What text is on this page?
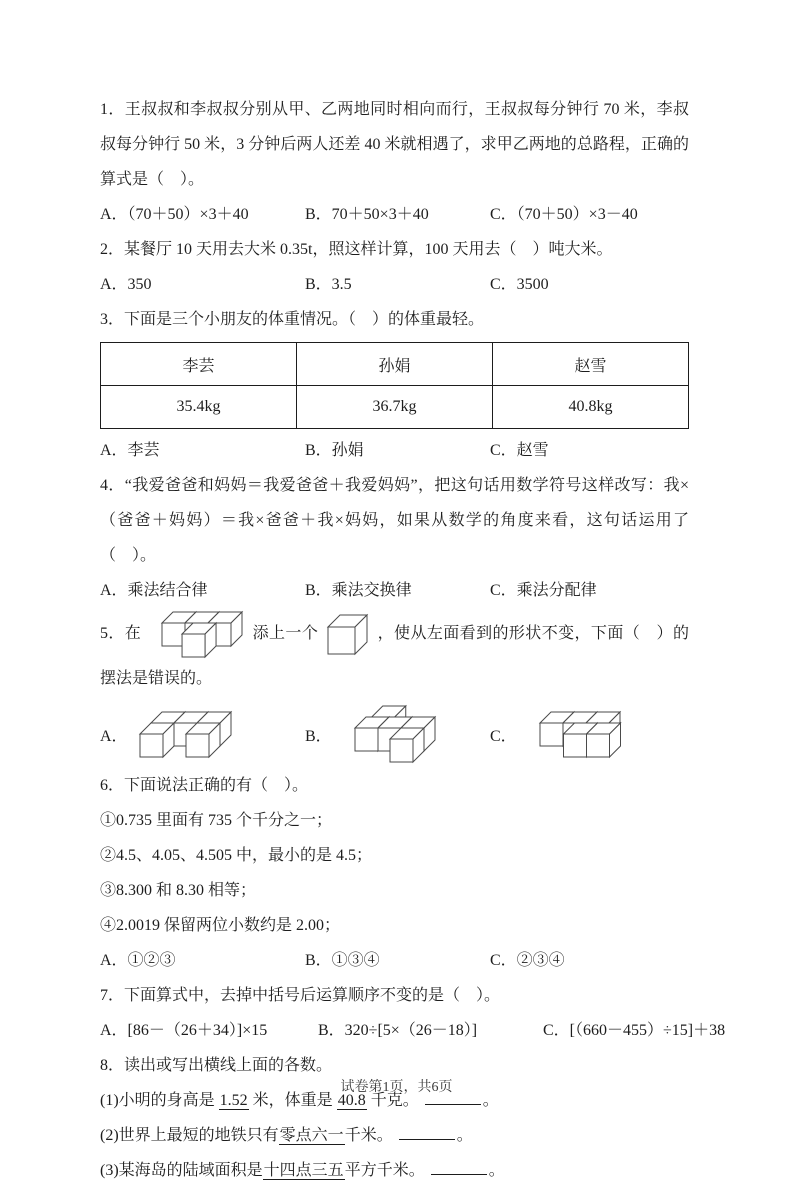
1．王叔叔和李叔叔分别从甲、乙两地同时相向而行，王叔叔每分钟行 70 米，李叔叔每分钟行 50 米，3 分钟后两人还差 40 米就相遇了，求甲乙两地的总路程，正确的算式是（　）。

A．（70＋50）×3＋40	B．70＋50×3＋40	C．（70＋50）×3－40

2．某餐厅 10 天用去大米 0.35t，照这样计算，100 天用去（　）吨大米。

A．350	B．3.5	C．3500

3．下面是三个小朋友的体重情况。（　）的体重最轻。

李芸	孙娟	赵雪
35.4kg	36.7kg	40.8kg
A．李芸	B．孙娟	C．赵雪

4．“我爱爸爸和妈妈＝我爱爸爸＋我爱妈妈”，把这句话用数学符号这样改写：我×（爸爸＋妈妈）＝我×爸爸＋我×妈妈，如果从数学的角度来看，这句话运用了（　）。

A．乘法结合律	B．乘法交换律	C．乘法分配律

5．在	添上一个	，使从左面看到的形状不变，下面（　）的摆法是错误的。

A．	B．	C．

6．下面说法正确的有（　）。

①0.735 里面有 735 个千分之一；

②4.5、4.05、4.505 中，最小的是 4.5；

③8.300 和 8.30 相等；

④2.0019 保留两位小数约是 2.00；

A．①②③	B．①③④	C．②③④

7．下面算式中，去掉中括号后运算顺序不变的是（　）。

A．[86－（26＋34）]×15	B．320÷[5×（26－18）]	C．[（660－455）÷15]＋38

8．读出或写出横线上面的各数。

(1)小明的身高是 1.52 米，体重是 40.8 千克。	。

(2)世界上最短的地铁只有零点六一千米。	。

(3)某海岛的陆域面积是十四点三五平方千米。	。

试卷第1页，共6页
